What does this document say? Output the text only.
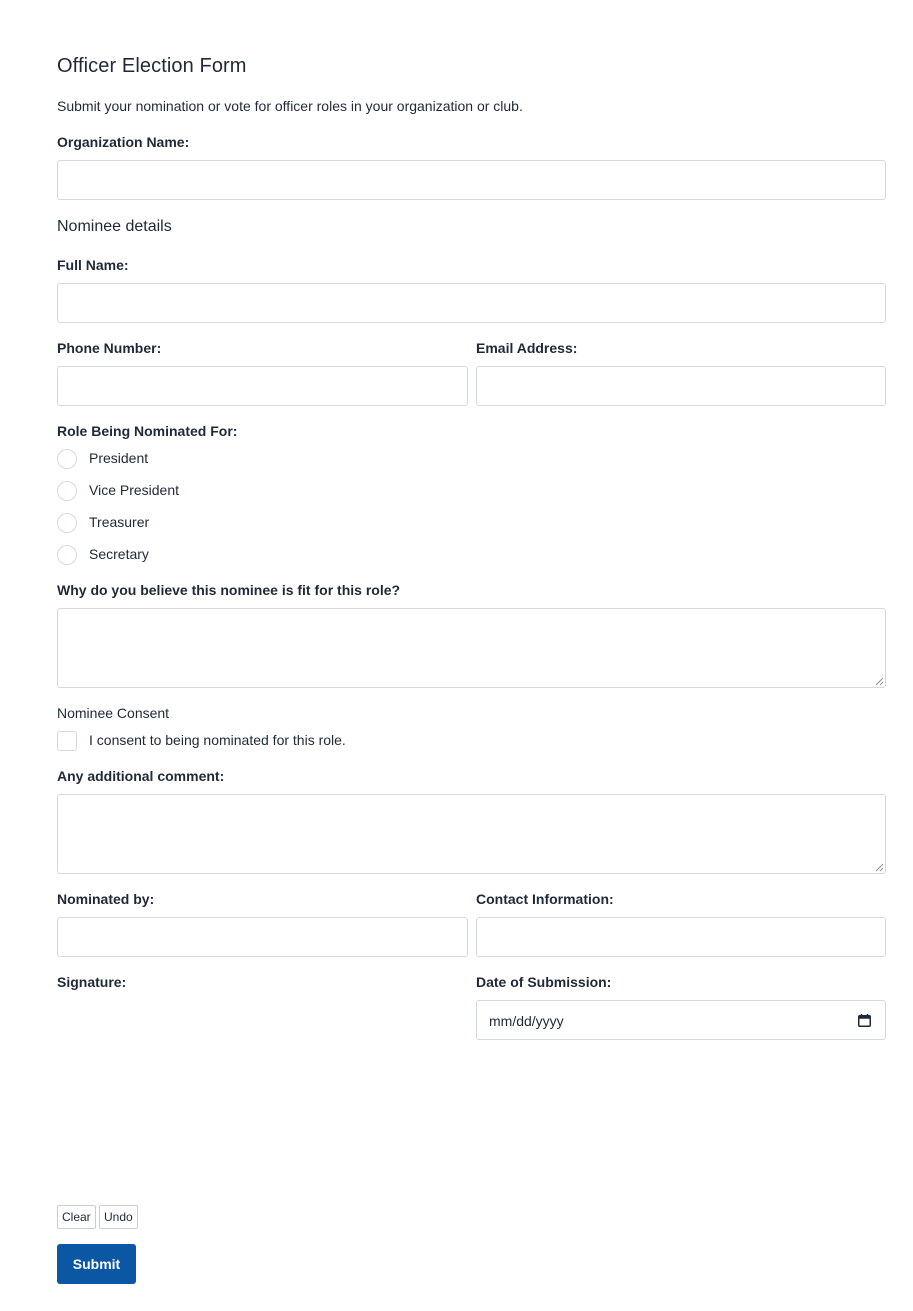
Officer Election Form

Submit your nomination or vote for officer roles in your organization or club.

Organization Name:
Nominee details
Full Name:
Phone Number:	Email Address:
Role Being Nominated For:
President
Vice President
Treasurer
Secretary
Why do you believe this nominee is fit for this role?
Nominee Consent
I consent to being nominated for this role.
Any additional comment:
Nominated by:	Contact Information:
Signature:	Date of Submission:
mm/dd/yyyy
Clear	Undo
Submit
